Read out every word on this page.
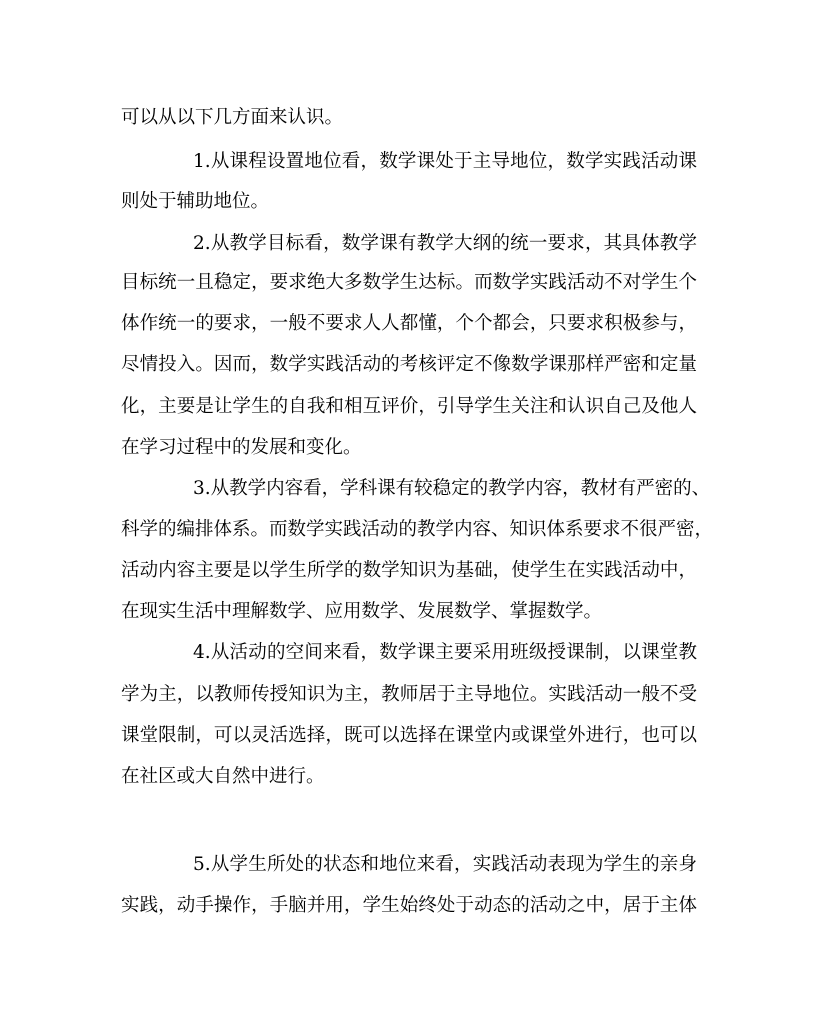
可以从以下几方面来认识。
1.从课程设置地位看，数学课处于主导地位，数学实践活动课
则处于辅助地位。
2.从教学目标看，数学课有教学大纲的统一要求，其具体教学
目标统一且稳定，要求绝大多数学生达标。而数学实践活动不对学生个
体作统一的要求，一般不要求人人都懂，个个都会，只要求积极参与，
尽情投入。因而，数学实践活动的考核评定不像数学课那样严密和定量
化，主要是让学生的自我和相互评价，引导学生关注和认识自己及他人
在学习过程中的发展和变化。
3.从教学内容看，学科课有较稳定的教学内容，教材有严密的、
科学的编排体系。而数学实践活动的教学内容、知识体系要求不很严密，
活动内容主要是以学生所学的数学知识为基础，使学生在实践活动中，
在现实生活中理解数学、应用数学、发展数学、掌握数学。
4.从活动的空间来看，数学课主要采用班级授课制，以课堂教
学为主，以教师传授知识为主，教师居于主导地位。实践活动一般不受
课堂限制，可以灵活选择，既可以选择在课堂内或课堂外进行，也可以
在社区或大自然中进行。
5.从学生所处的状态和地位来看，实践活动表现为学生的亲身
实践，动手操作，手脑并用，学生始终处于动态的活动之中，居于主体
